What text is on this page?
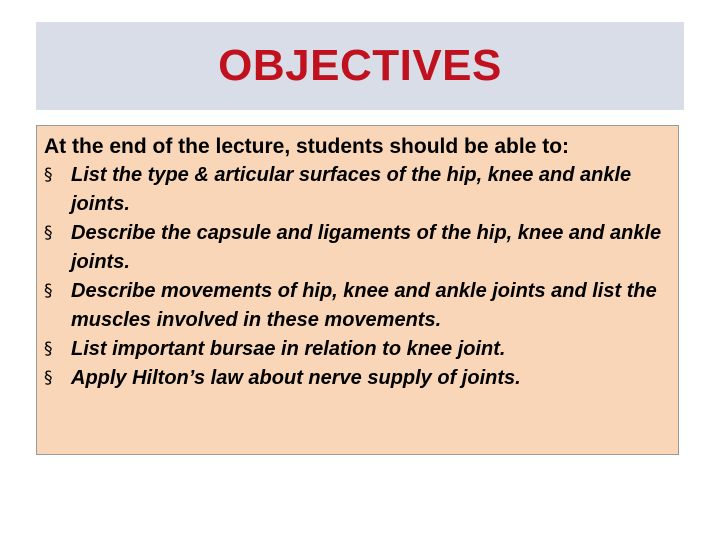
OBJECTIVES
At the end of the lecture, students should be able to:
§ List the type & articular surfaces of the hip, knee and ankle joints.
§ Describe the capsule and ligaments of the hip, knee and ankle joints.
§ Describe movements of hip, knee and ankle joints and list the muscles involved in these movements.
§ List important bursae in relation to knee joint.
§ Apply Hilton’s law about nerve supply of joints.
